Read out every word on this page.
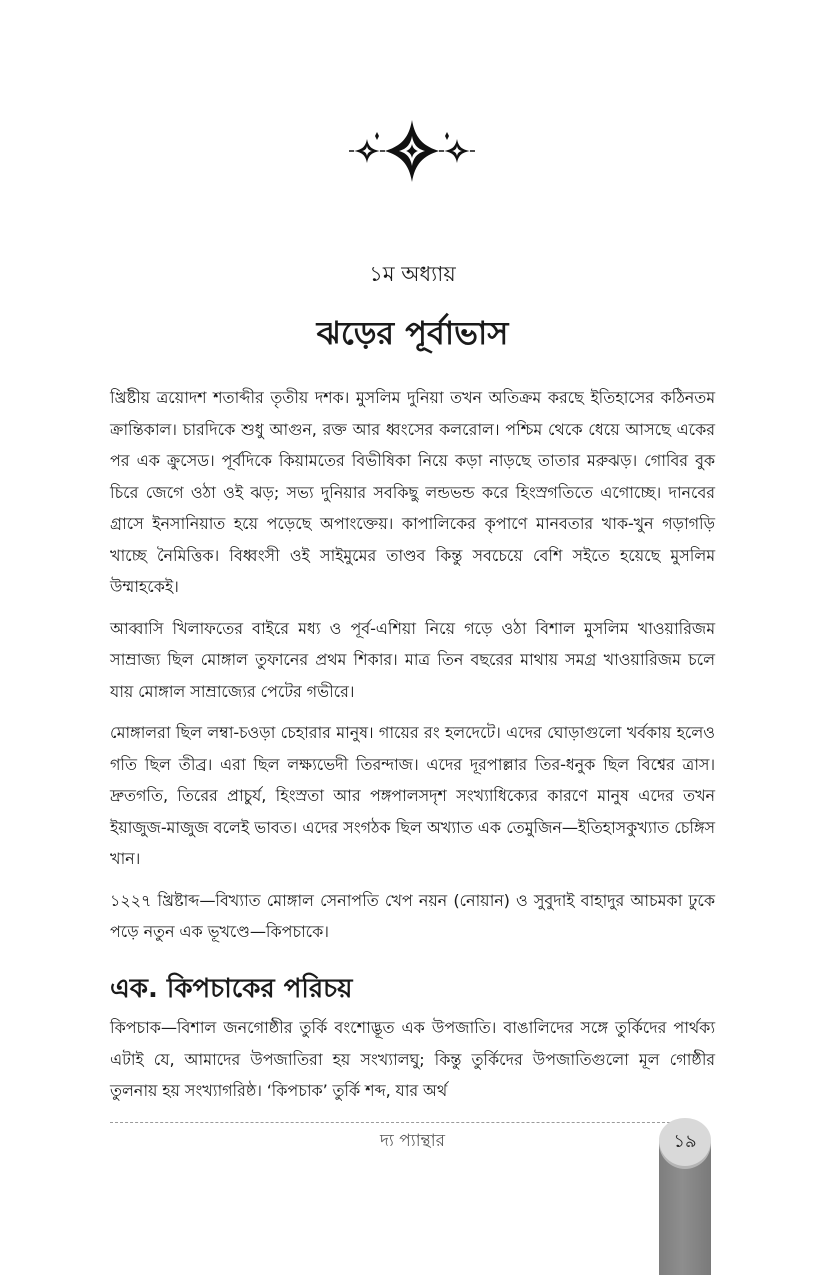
১ম অধ্যায়
ঝড়ের পূর্বাভাস

খ্রিষ্টীয় ত্রয়োদশ শতাব্দীর তৃতীয় দশক। মুসলিম দুনিয়া তখন অতিক্রম করছে ইতিহাসের কঠিনতম ক্রান্তিকাল। চারদিকে শুধু আগুন, রক্ত আর ধ্বংসের কলরোল। পশ্চিম থেকে ধেয়ে আসছে একের পর এক ক্রুসেড। পূর্বদিকে কিয়ামতের বিভীষিকা নিয়ে কড়া নাড়ছে তাতার মরুঝড়। গোবির বুক চিরে জেগে ওঠা ওই ঝড়; সভ্য দুনিয়ার সবকিছু লন্ডভন্ড করে হিংস্রগতিতে এগোচ্ছে। দানবের গ্রাসে ইনসানিয়াত হয়ে পড়েছে অপাংক্তেয়। কাপালিকের কৃপাণে মানবতার খাক-খুন গড়াগড়ি খাচ্ছে নৈমিত্তিক। বিধ্বংসী ওই সাইমুমের তাণ্ডব কিন্তু সবচেয়ে বেশি সইতে হয়েছে মুসলিম উম্মাহকেই।

আব্বাসি খিলাফতের বাইরে মধ্য ও পূর্ব-এশিয়া নিয়ে গড়ে ওঠা বিশাল মুসলিম খাওয়ারিজম সাম্রাজ্য ছিল মোঙ্গাল তুফানের প্রথম শিকার। মাত্র তিন বছরের মাথায় সমগ্র খাওয়ারিজম চলে যায় মোঙ্গাল সাম্রাজ্যের পেটের গভীরে।

মোঙ্গালরা ছিল লম্বা-চওড়া চেহারার মানুষ। গায়ের রং হলদেটে। এদের ঘোড়াগুলো খর্বকায় হলেও গতি ছিল তীব্র। এরা ছিল লক্ষ্যভেদী তিরন্দাজ। এদের দূরপাল্লার তির-ধনুক ছিল বিশ্বের ত্রাস। দ্রুতগতি, তিরের প্রাচুর্য, হিংস্রতা আর পঙ্গপালসদৃশ সংখ্যাধিক্যের কারণে মানুষ এদের তখন ইয়াজুজ-মাজুজ বলেই ভাবত। এদের সংগঠক ছিল অখ্যাত এক তেমুজিন—ইতিহাসকুখ্যাত চেঙ্গিস খান।

১২২৭ খ্রিষ্টাব্দ—বিখ্যাত মোঙ্গাল সেনাপতি খেপ নয়ন (নোয়ান) ও সুবুদাই বাহাদুর আচমকা ঢুকে পড়ে নতুন এক ভূখণ্ডে—কিপচাকে।

এক. কিপচাকের পরিচয়

কিপচাক—বিশাল জনগোষ্ঠীর তুর্কি বংশোদ্ভূত এক উপজাতি। বাঙালিদের সঙ্গে তুর্কিদের পার্থক্য এটাই যে, আমাদের উপজাতিরা হয় সংখ্যালঘু; কিন্তু তুর্কিদের উপজাতিগুলো মূল গোষ্ঠীর তুলনায় হয় সংখ্যাগরিষ্ঠ। ‘কিপচাক’ তুর্কি শব্দ, যার অর্থ

দ্য প্যান্থার	১৯
